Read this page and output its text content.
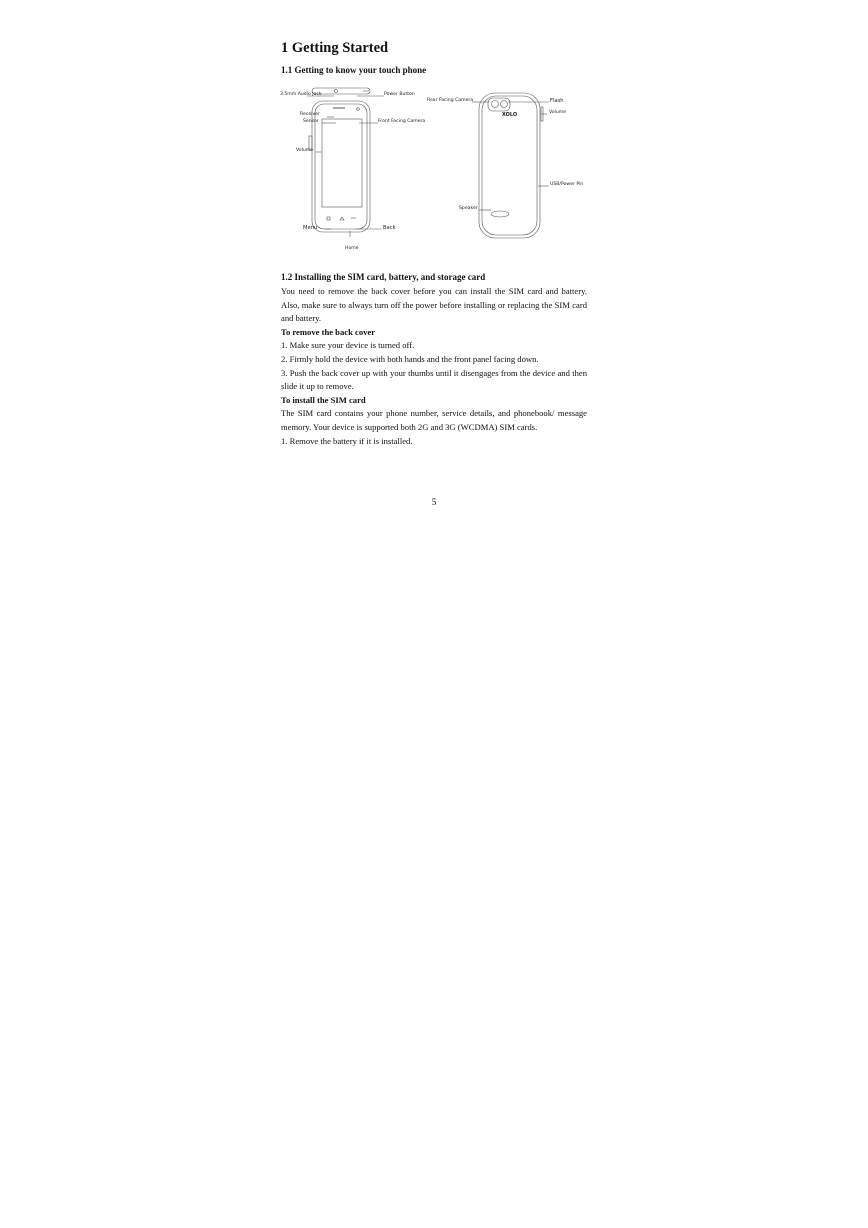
1 Getting Started
1.1 Getting to know your touch phone
3.5mm Audio Jack	Power Button
Receiver
Sensor	Front Facing Camera
Volume
Menu	Back
Home
Rear Facing Camera	Flash
XOLO	Volume
USB/Power Pin
Speaker
1.2 Installing the SIM card, battery, and storage card

You need to remove the back cover before you can install the SIM card and battery. Also, make sure to always turn off the power before installing or replacing the SIM card and battery.

To remove the back cover
1. Make sure your device is turned off.
2. Firmly hold the device with both hands and the front panel facing down.
3. Push the back cover up with your thumbs until it disengages from the device and then slide it up to remove.
To install the SIM card

The SIM card contains your phone number, service details, and phonebook/ message memory. Your device is supported both 2G and 3G (WCDMA) SIM cards.

1. Remove the battery if it is installed.
5
